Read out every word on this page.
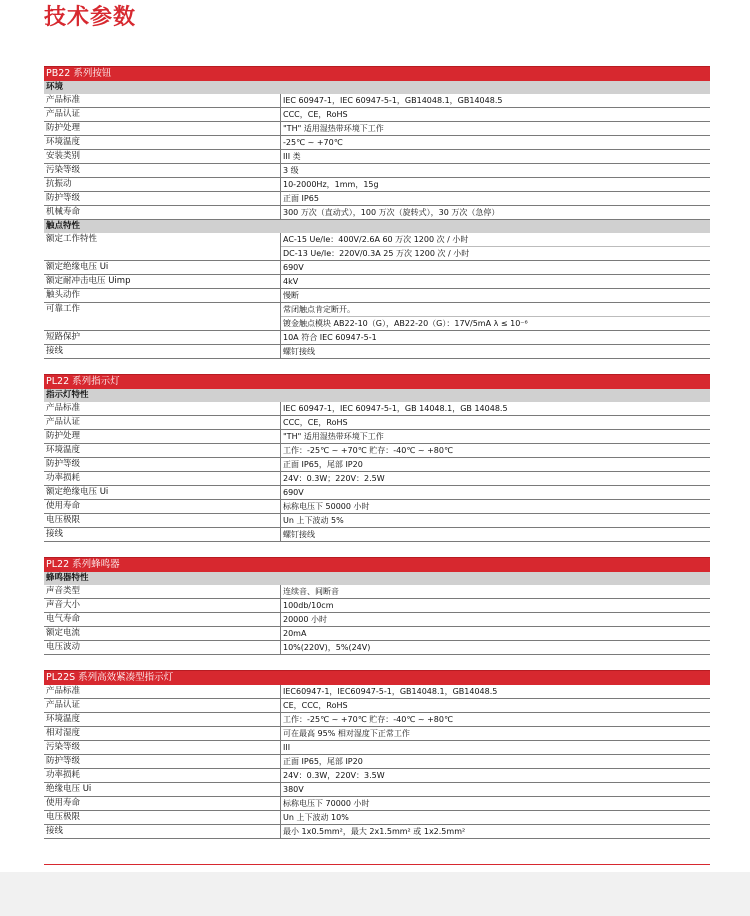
技术参数
PB22 系列按钮
环境
产品标准	IEC 60947-1，IEC 60947-5-1，GB14048.1，GB14048.5
产品认证	CCC，CE，RoHS
防护处理	"TH" 适用湿热带环境下工作
环境温度	-25℃ ~ +70℃
安装类别	III 类
污染等级	3 级
抗振动	10-2000Hz，1mm，15g
防护等级	正面 IP65
机械寿命	300 万次（直动式），100 万次（旋转式），30 万次（急停）
触点特性
额定工作特性	AC-15 Ue/Ie：400V/2.6A 60 万次 1200 次 / 小时
DC-13 Ue/Ie：220V/0.3A 25 万次 1200 次 / 小时
额定绝缘电压 Ui	690V
额定耐冲击电压 Uimp	4kV
触头动作	慢断
可靠工作	常闭触点肯定断开。
镀金触点模块 AB22-10（G），AB22-20（G）：17V/5mA λ ≤ 10⁻⁶
短路保护	10A 符合 IEC 60947-5-1
接线	螺钉接线
PL22 系列指示灯
指示灯特性
产品标准	IEC 60947-1，IEC 60947-5-1，GB 14048.1，GB 14048.5
产品认证	CCC，CE，RoHS
防护处理	"TH" 适用湿热带环境下工作
环境温度	工作：-25℃ ~ +70℃ 贮存：-40℃ ~ +80℃
防护等级	正面 IP65，尾部 IP20
功率损耗	24V：0.3W；220V：2.5W
额定绝缘电压 Ui	690V
使用寿命	标称电压下 50000 小时
电压极限	Un 上下波动 5%
接线	螺钉接线
PL22 系列蜂鸣器
蜂鸣器特性
声音类型	连续音、间断音
声音大小	100db/10cm
电气寿命	20000 小时
额定电流	20mA
电压波动	10%(220V)，5%(24V)
PL22S 系列高效紧凑型指示灯
产品标准	IEC60947-1，IEC60947-5-1，GB14048.1，GB14048.5
产品认证	CE，CCC，RoHS
环境温度	工作：-25℃ ~ +70℃ 贮存：-40℃ ~ +80℃
相对湿度	可在最高 95% 相对湿度下正常工作
污染等级	III
防护等级	正面 IP65，尾部 IP20
功率损耗	24V：0.3W，220V：3.5W
绝缘电压 Ui	380V
使用寿命	标称电压下 70000 小时
电压极限	Un 上下波动 10%
接线	最小 1x0.5mm²，最大 2x1.5mm² 或 1x2.5mm²
